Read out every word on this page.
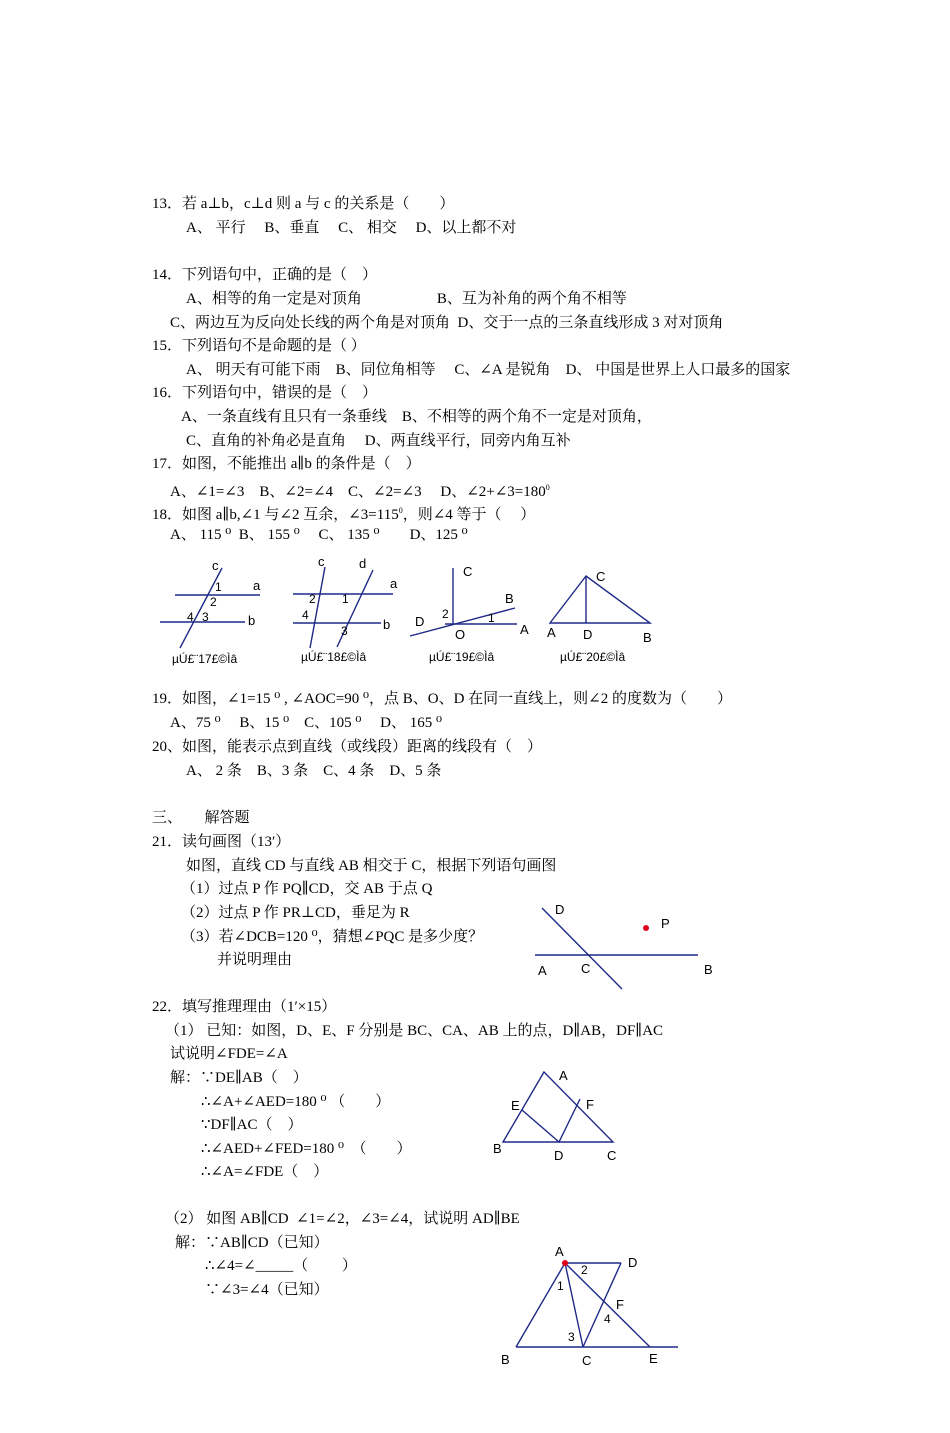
13．若 a⊥b，c⊥d 则 a 与 c 的关系是（　　）
A、 平行　 B、垂直　 C、 相交　 D、以上都不对
14．下列语句中，正确的是（　）
A、相等的角一定是对顶角　　　　　B、互为补角的两个角不相等
C、两边互为反向处长线的两个角是对顶角  D、交于一点的三条直线形成 3 对对顶角
15．下列语句不是命题的是（ ）
A、 明天有可能下雨　B、同位角相等　 C、∠A 是锐角　D、 中国是世界上人口最多的国家
16．下列语句中，错误的是（　）
A、一条直线有且只有一条垂线　B、不相等的两个角不一定是对顶角，
C、直角的补角必是直角　 D、两直线平行，同旁内角互补
17．如图，不能推出 a∥b 的条件是（　）
A、∠1=∠3　B、∠2=∠4　C、∠2=∠3　 D、$\angle 2+\angle 3=180^0$
18．如图 a∥b,∠1 与∠2 互余，$\angle 3=115^0$，则∠4 等于（　 ）
A、 115 ⁰  B、 155 ⁰　 C、 135 ⁰　　D、125 ⁰
c
a
1
2
4 3	b
µÚ£¨17£©Ìâ
c	d
a
2 1
4
b
3
µÚ£¨18£©Ìâ
C
B
2	1
D
O	A
µÚ£¨19£©Ìâ
C
A D	B
µÚ£¨20£©Ìâ
19．如图，∠1=15 ⁰ , ∠AOC=90 ⁰，点 B、O、D 在同一直线上，则∠2 的度数为（　　）
A、75 ⁰　 B、15 ⁰　C、105 ⁰　 D、 165 ⁰
20、如图，能表示点到直线（或线段）距离的线段有（　）
A、 2 条　B、3 条　C、4 条　D、5 条
三、　　解答题
21．读句画图（13′）
如图，直线 CD 与直线 AB 相交于 C，根据下列语句画图
（1）过点 P 作 PQ∥CD，交 AB 于点 Q
（2）过点 P 作 PR⊥CD，垂足为 R
（3）若∠DCB=120 ⁰，猜想∠PQC 是多少度？
并说明理由
D
P
A	C	B
22．填写推理理由（1′×15）
（1） 已知：如图，D、E、F 分别是 BC、CA、AB 上的点，D∥AB，DF∥AC
试说明∠FDE=∠A
解：∵DE∥AB（　）
∴∠A+∠AED=180 ⁰ （　　）
∵DF∥AC（　）
∴∠AED+∠FED=180 ⁰　（　　）
∴∠A=∠FDE（　）
A
E	F
B	D	C
（2） 如图 AB∥CD  ∠1=∠2，∠3=∠4，试说明 AD∥BE
解：∵AB∥CD（已知）
∴∠4=∠_____（　　 ）
∵∠3=∠4（已知）
A
D
2
1
F
4
3
B	C	E
